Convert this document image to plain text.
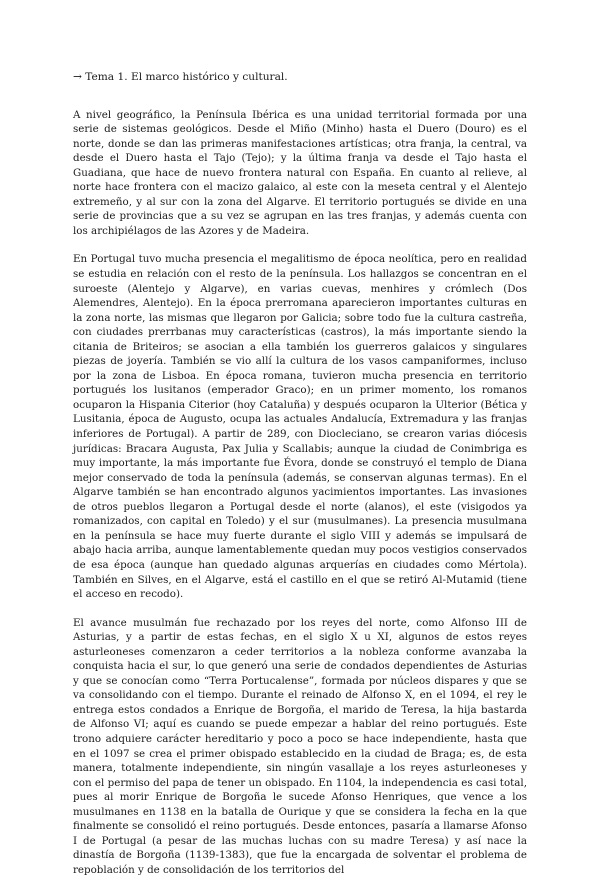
→ Tema 1. El marco histórico y cultural.

A nivel geográfico, la Península Ibérica es una unidad territorial formada por una serie de sistemas geológicos. Desde el Miño (Minho) hasta el Duero (Douro) es el norte, donde se dan las primeras manifestaciones artísticas; otra franja, la central, va desde el Duero hasta el Tajo (Tejo); y la última franja va desde el Tajo hasta el Guadiana, que hace de nuevo frontera natural con España. En cuanto al relieve, al norte hace frontera con el macizo galaico, al este con la meseta central y el Alentejo extremeño, y al sur con la zona del Algarve. El territorio portugués se divide en una serie de provincias que a su vez se agrupan en las tres franjas, y además cuenta con los archipiélagos de las Azores y de Madeira.

En Portugal tuvo mucha presencia el megalitismo de época neolítica, pero en realidad se estudia en relación con el resto de la península. Los hallazgos se concentran en el suroeste (Alentejo y Algarve), en varias cuevas, menhires y crómlech (Dos Alemendres, Alentejo). En la época prerromana aparecieron importantes culturas en la zona norte, las mismas que llegaron por Galicia; sobre todo fue la cultura castreña, con ciudades prerrbanas muy características (castros), la más importante siendo la citania de Briteiros; se asocian a ella también los guerreros galaicos y singulares piezas de joyería. También se vio allí la cultura de los vasos campaniformes, incluso por la zona de Lisboa. En época romana, tuvieron mucha presencia en territorio portugués los lusitanos (emperador Graco); en un primer momento, los romanos ocuparon la Hispania Citerior (hoy Cataluña) y después ocuparon la Ulterior (Bética y Lusitania, época de Augusto, ocupa las actuales Andalucía, Extremadura y las franjas inferiores de Portugal). A partir de 289, con Diocleciano, se crearon varias diócesis jurídicas: Bracara Augusta, Pax Julia y Scallabis; aunque la ciudad de Conimbriga es muy importante, la más importante fue Évora, donde se construyó el templo de Diana mejor conservado de toda la península (además, se conservan algunas termas). En el Algarve también se han encontrado algunos yacimientos importantes. Las invasiones de otros pueblos llegaron a Portugal desde el norte (alanos), el este (visigodos ya romanizados, con capital en Toledo) y el sur (musulmanes). La presencia musulmana en la península se hace muy fuerte durante el siglo VIII y además se impulsará de abajo hacia arriba, aunque lamentablemente quedan muy pocos vestigios conservados de esa época (aunque han quedado algunas arquerías en ciudades como Mértola). También en Silves, en el Algarve, está el castillo en el que se retiró Al-Mutamid (tiene el acceso en recodo).

El avance musulmán fue rechazado por los reyes del norte, como Alfonso III de Asturias, y a partir de estas fechas, en el siglo X u XI, algunos de estos reyes asturleoneses comenzaron a ceder territorios a la nobleza conforme avanzaba la conquista hacia el sur, lo que generó una serie de condados dependientes de Asturias y que se conocían como “Terra Portucalense”, formada por núcleos dispares y que se va consolidando con el tiempo. Durante el reinado de Alfonso X, en el 1094, el rey le entrega estos condados a Enrique de Borgoña, el marido de Teresa, la hija bastarda de Alfonso VI; aquí es cuando se puede empezar a hablar del reino portugués. Este trono adquiere carácter hereditario y poco a poco se hace independiente, hasta que en el 1097 se crea el primer obispado establecido en la ciudad de Braga; es, de esta manera, totalmente independiente, sin ningún vasallaje a los reyes asturleoneses y con el permiso del papa de tener un obispado. En 1104, la independencia es casi total, pues al morir Enrique de Borgoña le sucede Afonso Henriques, que vence a los musulmanes en 1138 en la batalla de Ourique y que se considera la fecha en la que finalmente se consolidó el reino portugués. Desde entonces, pasaría a llamarse Afonso I de Portugal (a pesar de las muchas luchas con su madre Teresa) y así nace la dinastía de Borgoña (1139-1383), que fue la encargada de solventar el problema de repoblación y de consolidación de los territorios del
